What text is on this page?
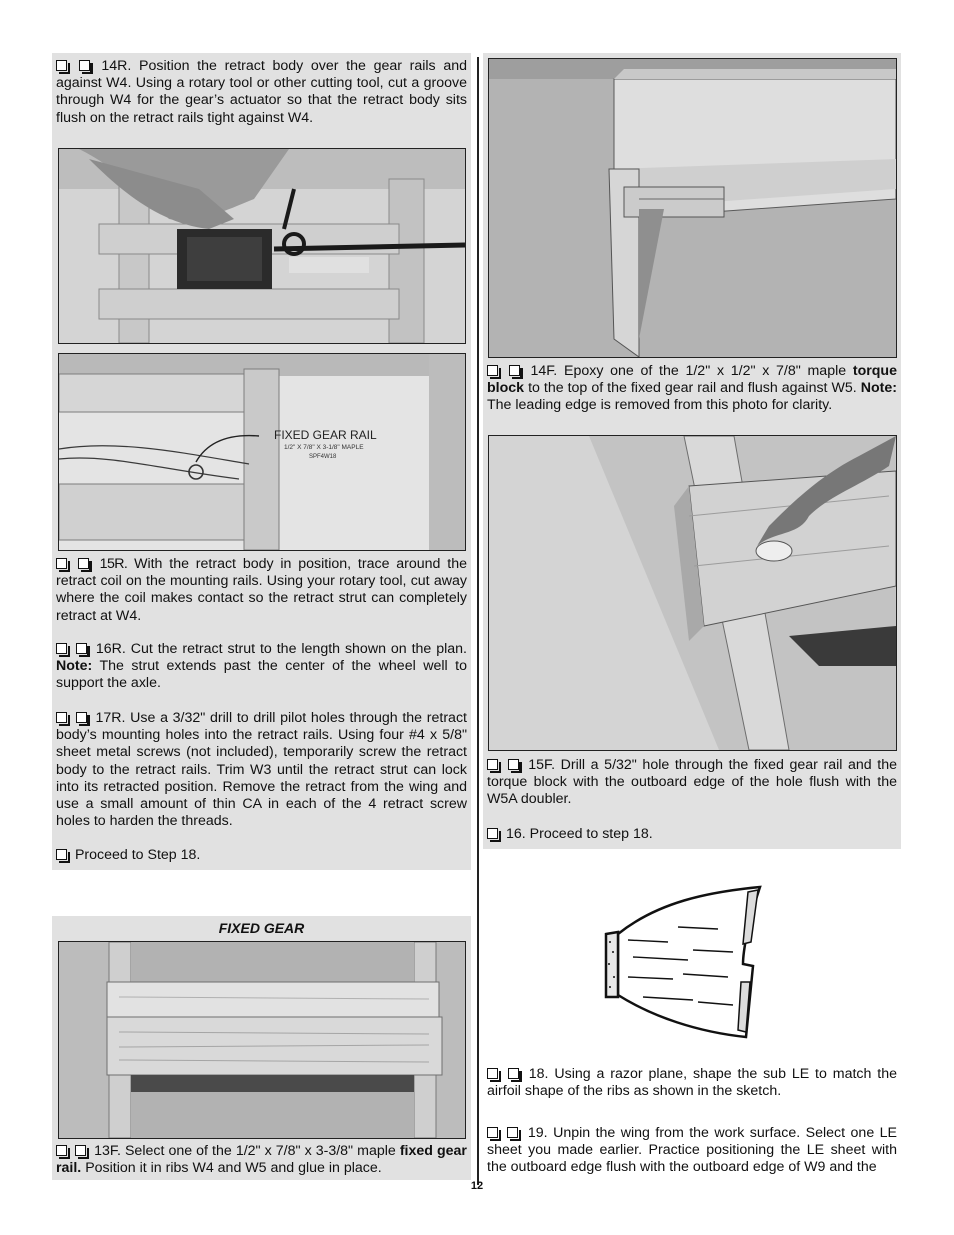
14R. Position the retract body over the gear rails and against W4. Using a rotary tool or other cutting tool, cut a groove through W4 for the gear’s actuator so that the retract body sits flush on the retract rails tight against W4.

FIXED GEAR RAIL
1/2" X 7/8" X 3-1/8" MAPLE
SPF4W18

15R. With the retract body in position, trace around the retract coil on the mounting rails. Using your rotary tool, cut away where the coil makes contact so the retract strut can completely retract at W4.

16R. Cut the retract strut to the length shown on the plan. Note: The strut extends past the center of the wheel well to support the axle.

17R. Use a 3/32" drill to drill pilot holes through the retract body’s mounting holes into the retract rails. Using four #4 x 5/8" sheet metal screws (not included), temporarily screw the retract body to the retract rails. Trim W3 until the retract strut can lock into its retracted position. Remove the retract from the wing and use a small amount of thin CA in each of the 4 retract screw holes to harden the threads.

Proceed to Step 18.

FIXED GEAR

13F. Select one of the 1/2" x 7/8" x 3-3/8" maple fixed gear rail. Position it in ribs W4 and W5 and glue in place.

14F. Epoxy one of the 1/2" x 1/2" x 7/8" maple torque block to the top of the fixed gear rail and flush against W5. Note: The leading edge is removed from this photo for clarity.

15F. Drill a 5/32" hole through the fixed gear rail and the torque block with the outboard edge of the hole flush with the W5A doubler.

16. Proceed to step 18.

18. Using a razor plane, shape the sub LE to match the airfoil shape of the ribs as shown in the sketch.

19. Unpin the wing from the work surface. Select one LE sheet you made earlier. Practice positioning the LE sheet with the outboard edge flush with the outboard edge of W9 and the

12
